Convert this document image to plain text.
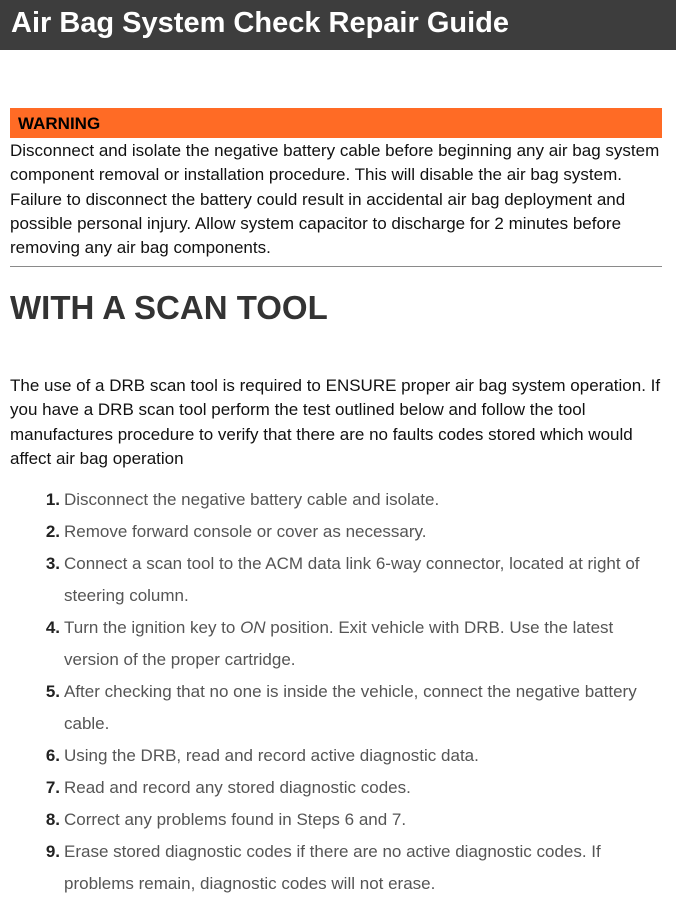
Air Bag System Check Repair Guide
WARNING

Disconnect and isolate the negative battery cable before beginning any air bag system component removal or installation procedure. This will disable the air bag system. Failure to disconnect the battery could result in accidental air bag deployment and possible personal injury. Allow system capacitor to discharge for 2 minutes before removing any air bag components.

WITH A SCAN TOOL

The use of a DRB scan tool is required to ENSURE proper air bag system operation. If you have a DRB scan tool perform the test outlined below and follow the tool manufactures procedure to verify that there are no faults codes stored which would affect air bag operation

1. Disconnect the negative battery cable and isolate.
2. Remove forward console or cover as necessary.
3. Connect a scan tool to the ACM data link 6-way connector, located at right of steering column.
4. Turn the ignition key to ON position. Exit vehicle with DRB. Use the latest version of the proper cartridge.
5. After checking that no one is inside the vehicle, connect the negative battery cable.
6. Using the DRB, read and record active diagnostic data.
7. Read and record any stored diagnostic codes.
8. Correct any problems found in Steps 6 and 7.
9. Erase stored diagnostic codes if there are no active diagnostic codes. If problems remain, diagnostic codes will not erase.
